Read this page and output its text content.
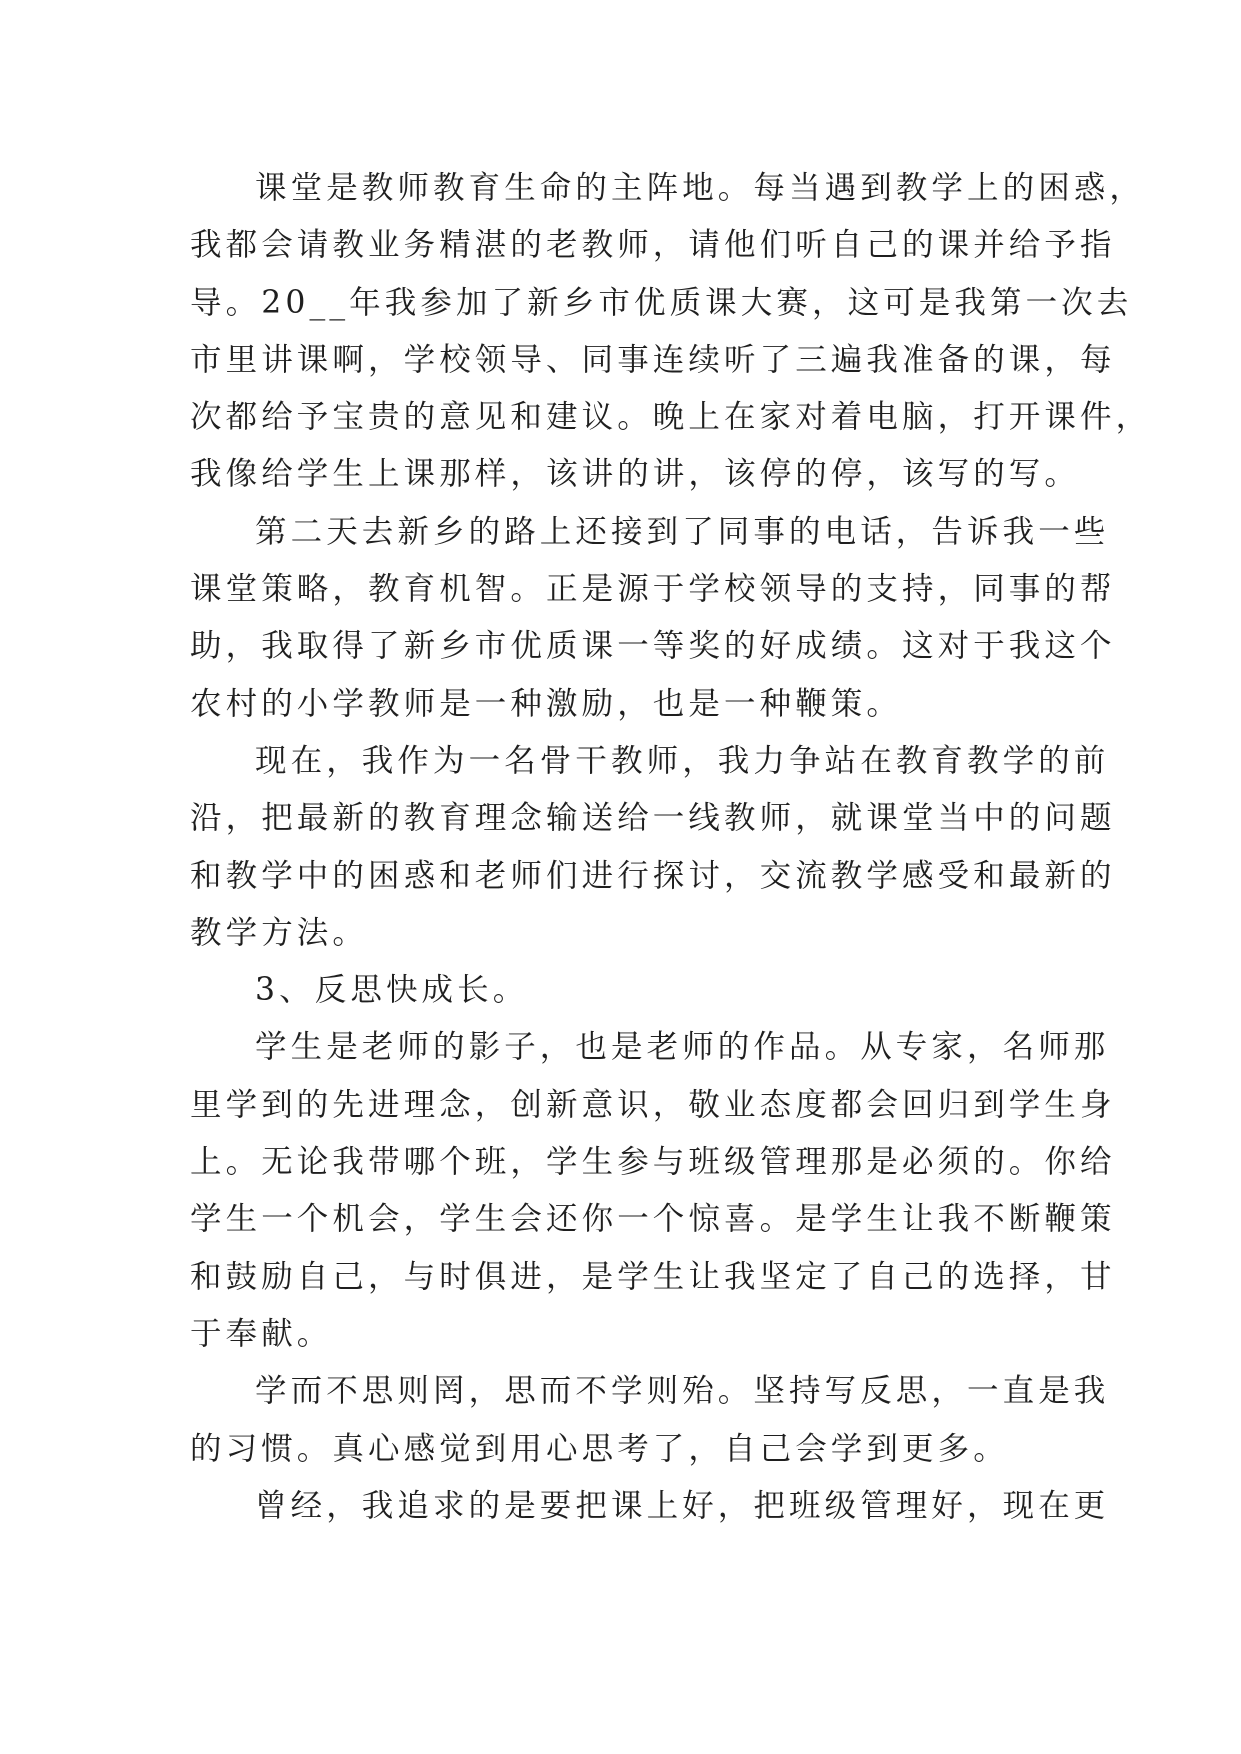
课堂是教师教育生命的主阵地。每当遇到教学上的困惑，
我都会请教业务精湛的老教师，请他们听自己的课并给予指
导。20__年我参加了新乡市优质课大赛，这可是我第一次去
市里讲课啊，学校领导、同事连续听了三遍我准备的课，每
次都给予宝贵的意见和建议。晚上在家对着电脑，打开课件，
我像给学生上课那样，该讲的讲，该停的停，该写的写。
第二天去新乡的路上还接到了同事的电话，告诉我一些
课堂策略，教育机智。正是源于学校领导的支持，同事的帮
助，我取得了新乡市优质课一等奖的好成绩。这对于我这个
农村的小学教师是一种激励，也是一种鞭策。
现在，我作为一名骨干教师，我力争站在教育教学的前
沿，把最新的教育理念输送给一线教师，就课堂当中的问题
和教学中的困惑和老师们进行探讨，交流教学感受和最新的
教学方法。
3、反思快成长。
学生是老师的影子，也是老师的作品。从专家，名师那
里学到的先进理念，创新意识，敬业态度都会回归到学生身
上。无论我带哪个班，学生参与班级管理那是必须的。你给
学生一个机会，学生会还你一个惊喜。是学生让我不断鞭策
和鼓励自己，与时俱进，是学生让我坚定了自己的选择，甘
于奉献。
学而不思则罔，思而不学则殆。坚持写反思，一直是我
的习惯。真心感觉到用心思考了，自己会学到更多。
曾经，我追求的是要把课上好，把班级管理好，现在更
